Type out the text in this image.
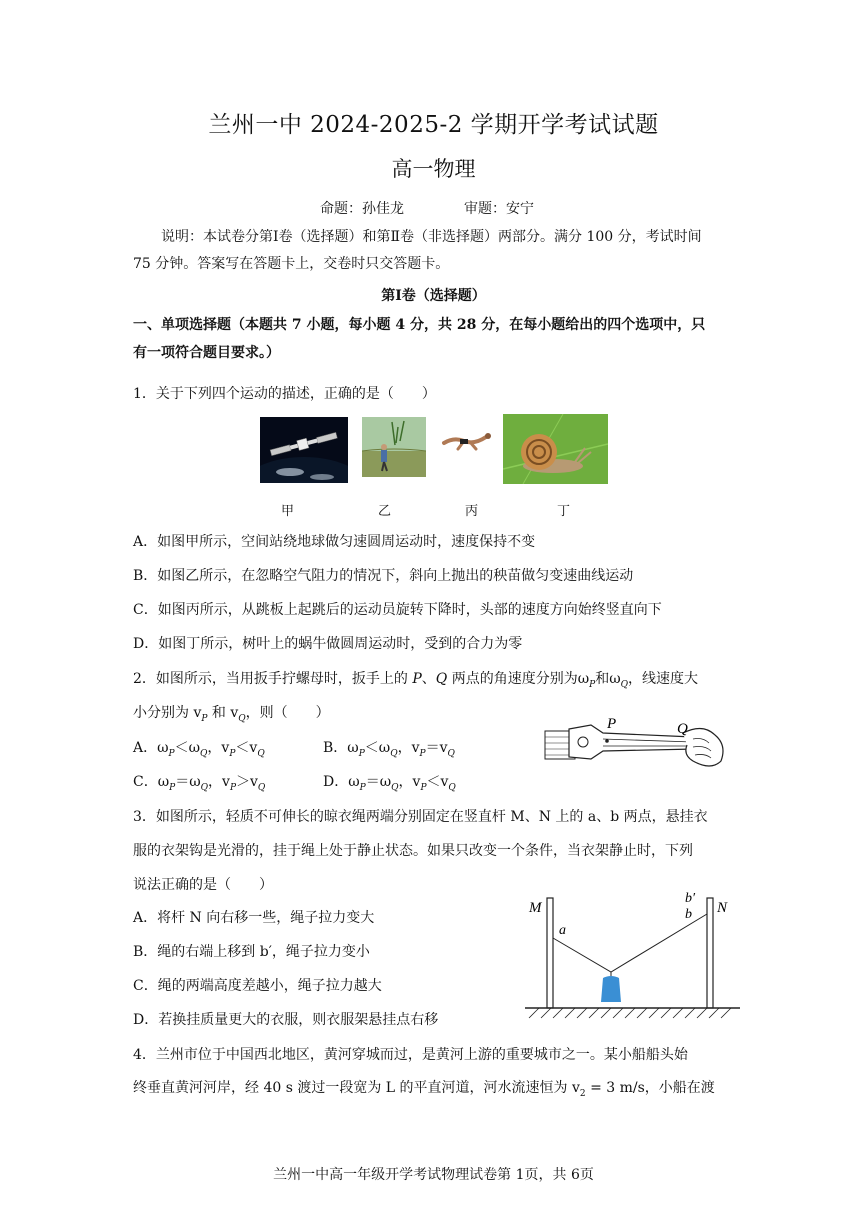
兰州一中 2024-2025-2 学期开学考试试题
高一物理
命题：孙佳龙	审题：安宁
说明：本试卷分第Ⅰ卷（选择题）和第Ⅱ卷（非选择题）两部分。满分 100 分，考试时间
75 分钟。答案写在答题卡上，交卷时只交答题卡。
第Ⅰ卷（选择题）
一、单项选择题（本题共 7 小题，每小题 4 分，共 28 分，在每小题给出的四个选项中，只
有一项符合题目要求。）
1．关于下列四个运动的描述，正确的是（　　）
甲	乙	丙	丁
A．如图甲所示，空间站绕地球做匀速圆周运动时，速度保持不变
B．如图乙所示，在忽略空气阻力的情况下，斜向上抛出的秧苗做匀变速曲线运动
C．如图丙所示，从跳板上起跳后的运动员旋转下降时，头部的速度方向始终竖直向下
D．如图丁所示，树叶上的蜗牛做圆周运动时，受到的合力为零
2．如图所示，当用扳手拧螺母时，扳手上的 P、Q 两点的角速度分别为$\omega_P$和$\omega_Q$，线速度大
小分别为 $v_P$ 和 $v_Q$，则（　　）
A．$\omega_P<\omega_Q$，$v_P<v_Q$	B．$\omega_P<\omega_Q$，$v_P=v_Q$
C．$\omega_P=\omega_Q$，$v_P>v_Q$	D．$\omega_P=\omega_Q$，$v_P<v_Q$
P	Q
3．如图所示，轻质不可伸长的晾衣绳两端分别固定在竖直杆 M、N 上的 a、b 两点，悬挂衣
服的衣架钩是光滑的，挂于绳上处于静止状态。如果只改变一个条件，当衣架静止时，下列
说法正确的是（　　）
A．将杆 N 向右移一些，绳子拉力变大
B．绳的右端上移到 b′，绳子拉力变小
C．绳的两端高度差越小，绳子拉力越大
D．若换挂质量更大的衣服，则衣服架悬挂点右移
M	N
a
b
b′
4．兰州市位于中国西北地区，黄河穿城而过，是黄河上游的重要城市之一。某小船船头始
终垂直黄河河岸，经 40 s 渡过一段宽为 L 的平直河道，河水流速恒为 $v_2 = 3$ m/s，小船在渡
兰州一中高一年级开学考试物理试卷第 1页，共 6页
